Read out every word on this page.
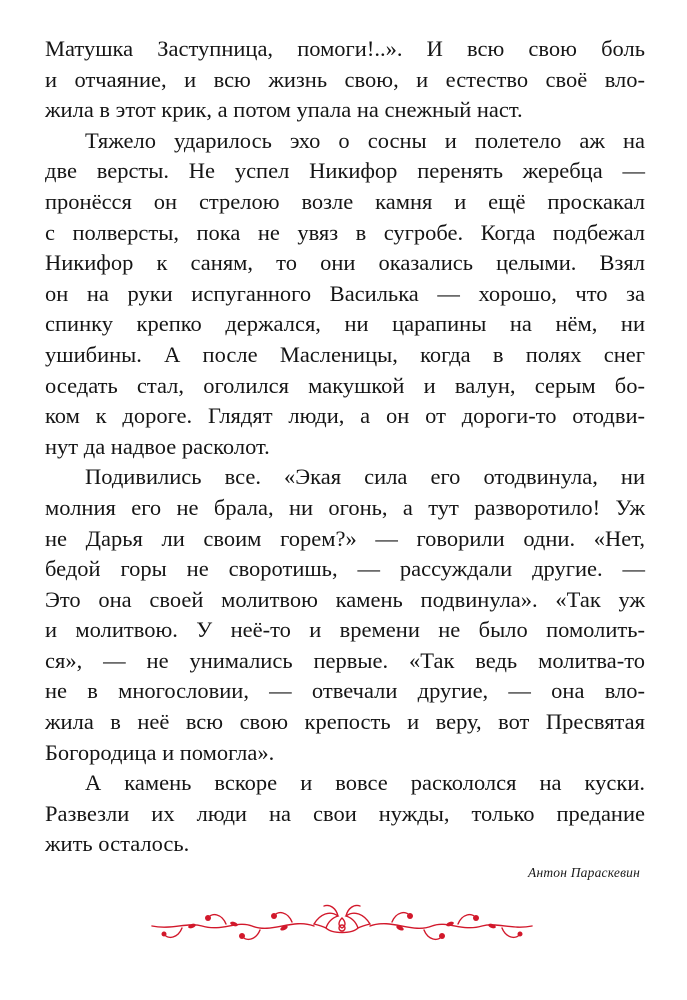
Матушка Заступница, помоги!..». И всю свою боль
и отчаяние, и всю жизнь свою, и естество своё вло-
жила в этот крик, а потом упала на снежный наст.
Тяжело ударилось эхо о сосны и полетело аж на
две версты. Не успел Никифор перенять жеребца —
пронёсся он стрелою возле камня и ещё проскакал
с полверсты, пока не увяз в сугробе. Когда подбежал
Никифор к саням, то они оказались целыми. Взял
он на руки испуганного Василька — хорошо, что за
спинку крепко держался, ни царапины на нём, ни
ушибины. А после Масленицы, когда в полях снег
оседать стал, оголился макушкой и валун, серым бо-
ком к дороге. Глядят люди, а он от дороги-то отодви-
нут да надвое расколот.
Подивились все. «Экая сила его отодвинула, ни
молния его не брала, ни огонь, а тут разворотило! Уж
не Дарья ли своим горем?» — говорили одни. «Нет,
бедой горы не своротишь, — рассуждали другие. —
Это она своей молитвою камень подвинула». «Так уж
и молитвою. У неё-то и времени не было помолить-
ся», — не унимались первые. «Так ведь молитва-то
не в многословии, — отвечали другие, — она вло-
жила в неё всю свою крепость и веру, вот Пресвятая
Богородица и помогла».
А камень вскоре и вовсе раскололся на куски.
Развезли их люди на свои нужды, только предание
жить осталось.
Антон Параскевин
